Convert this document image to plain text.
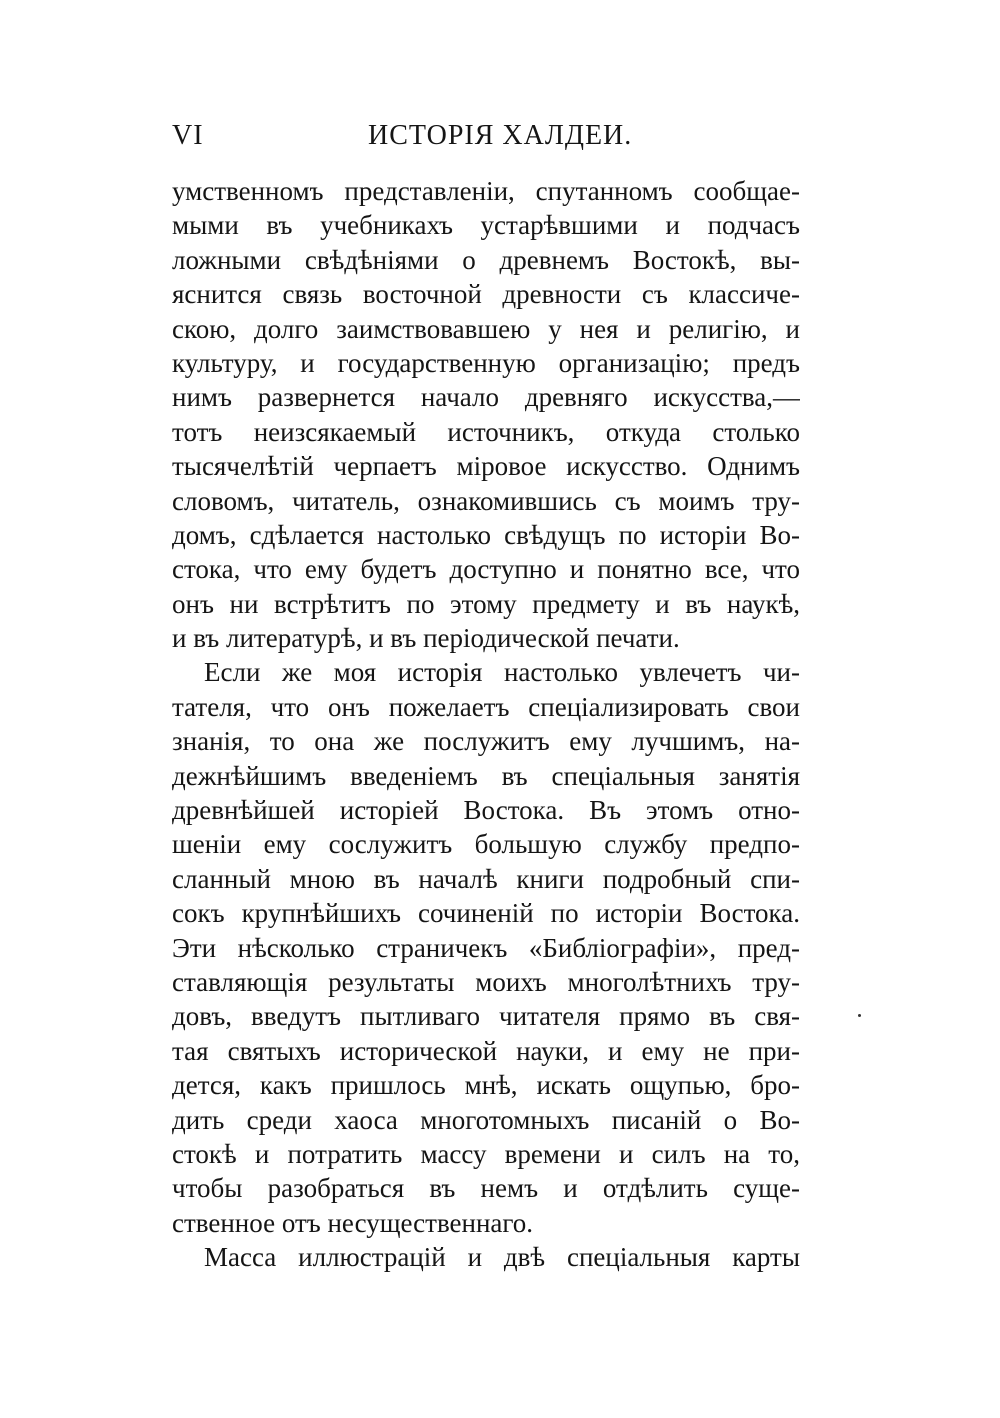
VI	ИСТОРІЯ ХАЛДЕИ.
умственномъ представленіи, спутанномъ сообщае-
мыми въ учебникахъ устарѣвшими и подчасъ
ложными свѣдѣніями о древнемъ Востокѣ, вы-
яснится связь восточной древности съ классиче-
скою, долго заимствовавшею у нея и религію, и
культуру, и государственную организацію; предъ
нимъ развернется начало древняго искусства,—
тотъ неизсякаемый источникъ, откуда столько
тысячелѣтій черпаетъ міровое искусство. Однимъ
словомъ, читатель, ознакомившись съ моимъ тру-
домъ, сдѣлается настолько свѣдущъ по исторіи Во-
стока, что ему будетъ доступно и понятно все, что
онъ ни встрѣтитъ по этому предмету и въ наукѣ,
и въ литературѣ, и въ періодической печати.
Если же моя исторія настолько увлечетъ чи-
тателя, что онъ пожелаетъ спеціализировать свои
знанія, то она же послужитъ ему лучшимъ, на-
дежнѣйшимъ введеніемъ въ спеціальныя занятія
древнѣйшей исторіей Востока. Въ этомъ отно-
шеніи ему сослужитъ большую службу предпо-
сланный мною въ началѣ книги подробный спи-
сокъ крупнѣйшихъ сочиненій по исторіи Востока.
Эти нѣсколько страничекъ «Библіографіи», пред-
ставляющія результаты моихъ многолѣтнихъ тру-
довъ, введутъ пытливаго читателя прямо въ свя-
тая святыхъ исторической науки, и ему не при-
дется, какъ пришлось мнѣ, искать ощупью, бро-
дить среди хаоса многотомныхъ писаній о Во-
стокѣ и потратить массу времени и силъ на то,
чтобы разобраться въ немъ и отдѣлить суще-
ственное отъ несущественнаго.
Масса иллюстрацій и двѣ спеціальныя карты
